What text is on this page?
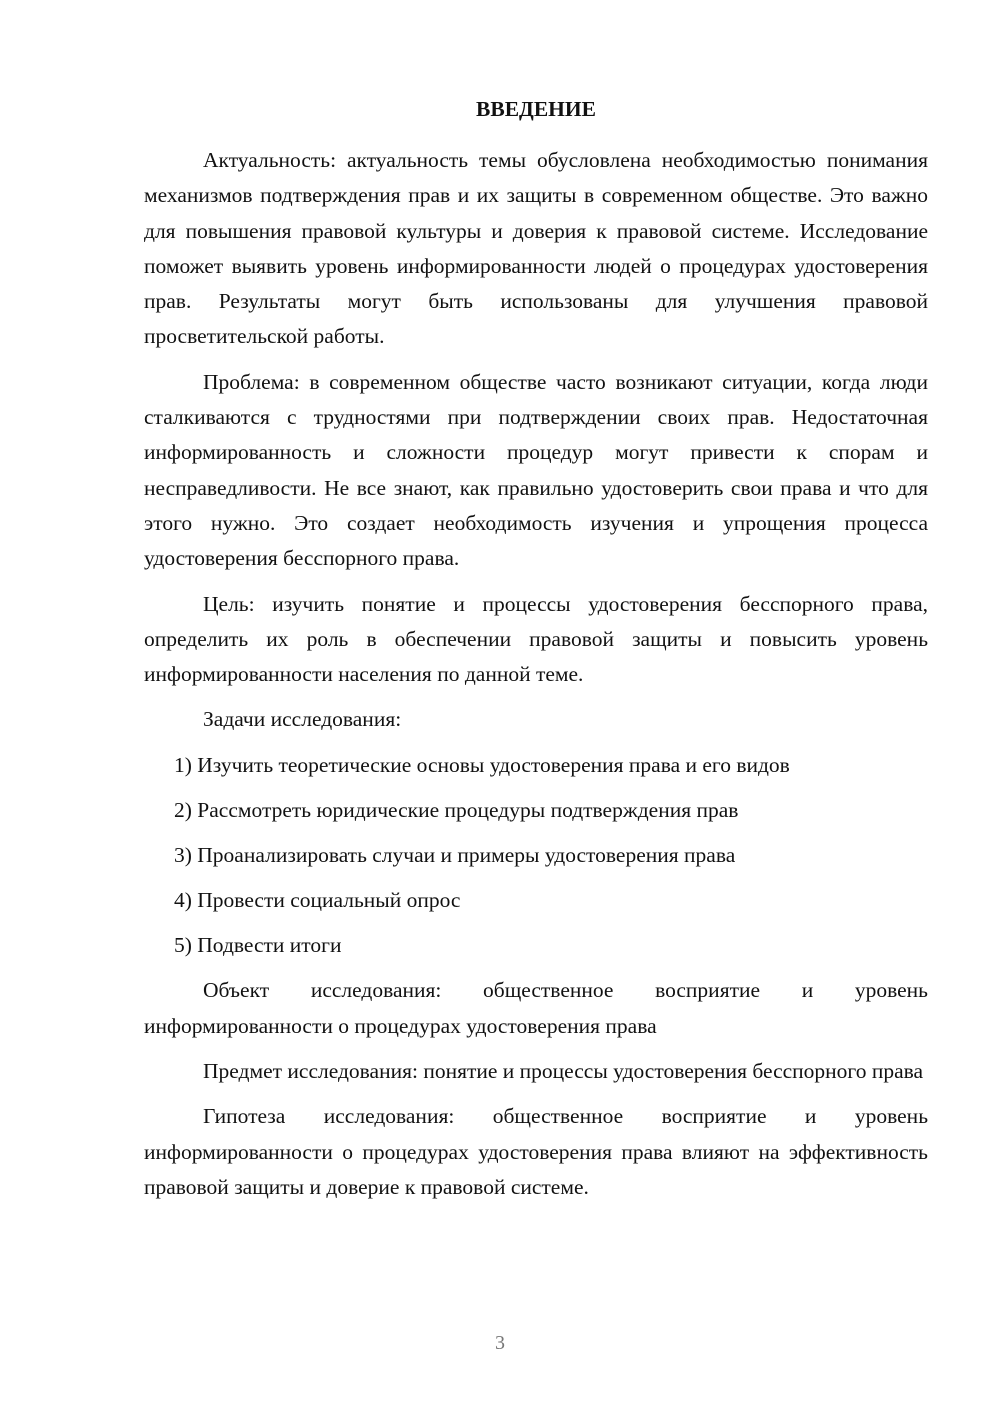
ВВЕДЕНИЕ

Актуальность: актуальность темы обусловлена необходимостью понимания механизмов подтверждения прав и их защиты в современном обществе. Это важно для повышения правовой культуры и доверия к правовой системе. Исследование поможет выявить уровень информированности людей о процедурах удостоверения прав. Результаты могут быть использованы для улучшения правовой просветительской работы.

Проблема: в современном обществе часто возникают ситуации, когда люди сталкиваются с трудностями при подтверждении своих прав. Недостаточная информированность и сложности процедур могут привести к спорам и несправедливости. Не все знают, как правильно удостоверить свои права и что для этого нужно. Это создает необходимость изучения и упрощения процесса удостоверения бесспорного права.

Цель: изучить понятие и процессы удостоверения бесспорного права, определить их роль в обеспечении правовой защиты и повысить уровень информированности населения по данной теме.

Задачи исследования:

1) Изучить теоретические основы удостоверения права и его видов
2) Рассмотреть юридические процедуры подтверждения прав
3) Проанализировать случаи и примеры удостоверения права
4) Провести социальный опрос
5) Подвести итоги

Объект исследования: общественное восприятие и уровень информированности о процедурах удостоверения права

Предмет исследования: понятие и процессы удостоверения бесспорного права

Гипотеза исследования: общественное восприятие и уровень информированности о процедурах удостоверения права влияют на эффективность правовой защиты и доверие к правовой системе.

3
